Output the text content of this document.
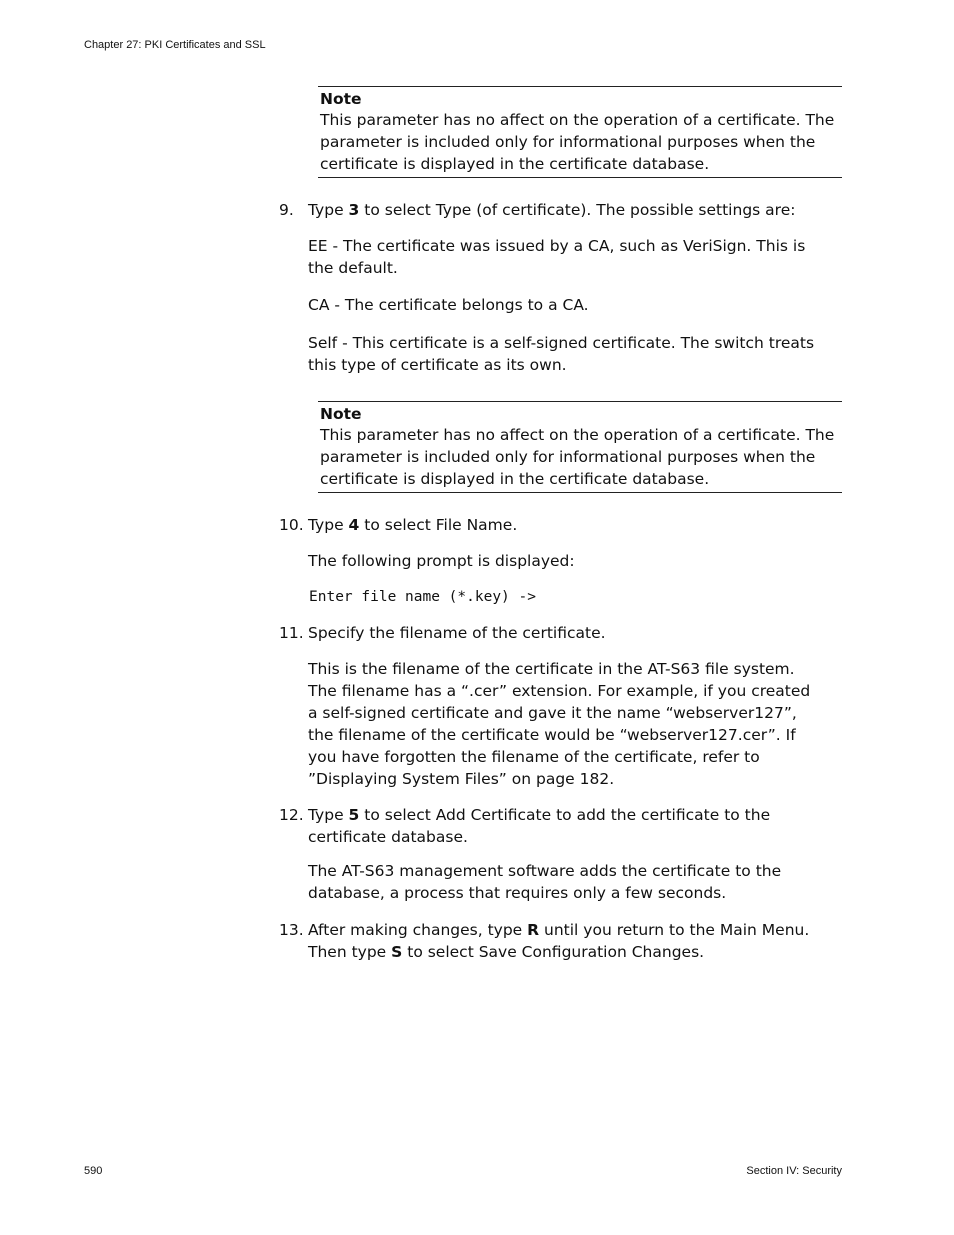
Chapter 27: PKI Certificates and SSL
Note
This parameter has no affect on the operation of a certificate. The parameter is included only for informational purposes when the certificate is displayed in the certificate database.
9. Type 3 to select Type (of certificate). The possible settings are:
EE - The certificate was issued by a CA, such as VeriSign. This is the default.
CA - The certificate belongs to a CA.
Self - This certificate is a self-signed certificate. The switch treats this type of certificate as its own.
Note
This parameter has no affect on the operation of a certificate. The parameter is included only for informational purposes when the certificate is displayed in the certificate database.
10. Type 4 to select File Name.
The following prompt is displayed:
Enter file name (*.key) ->
11. Specify the filename of the certificate.
This is the filename of the certificate in the AT-S63 file system. The filename has a “.cer” extension. For example, if you created a self-signed certificate and gave it the name “webserver127”, the filename of the certificate would be “webserver127.cer”. If you have forgotten the filename of the certificate, refer to ”Displaying System Files” on page 182.
12. Type 5 to select Add Certificate to add the certificate to the certificate database.
The AT-S63 management software adds the certificate to the database, a process that requires only a few seconds.
13. After making changes, type R until you return to the Main Menu. Then type S to select Save Configuration Changes.
590	Section IV: Security
